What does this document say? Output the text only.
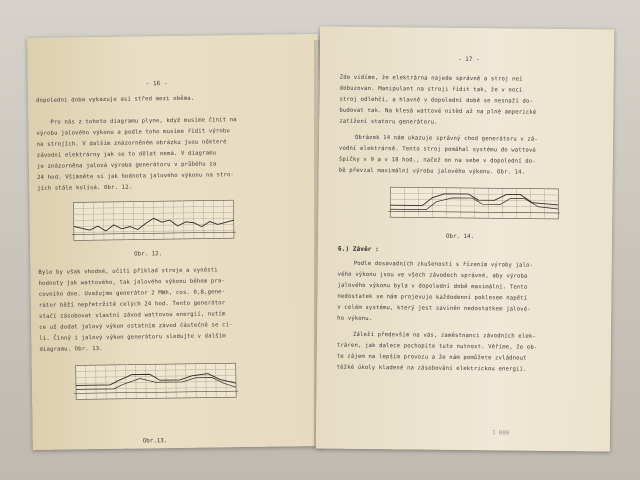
- 16 -
dopoledni doba vykazuje asi střed mezi oběma.
Pro nás z tohoto diagramu plyne, když musíme činit na
výrobu jalového výkonu a podle toho musíme řídit výrobu
na strojích. V dalším znázorněném obrázku jsou některé
závodní elektrárny jak se to dělat nemá. V diagramu
je znázorněna jalová výroba generátoru v průběhu za
24 hod. Všimněte si jak hodnota jalového výkonu na stro-
jích stále kolísá. Obr. 12.
Obr. 12.
Bylo by však vhodné, učiti příklad stroje a vynésti
hodnoty jak wattového, tak jalového výkonu během pra-
covního dne. Uvažujme generátor 2 MWh, cos. 0,8,gene-
rátor běží nepřetržitě celých 24 hod. Tento generátor
stačí zásobovat vlastní závod wattovou energií, nutím
ce už dodat jalový výkon ostatním závod částečně se cí-
lí. Činný i jalový výkon generátoru sledujte v dalším
diagramu. Obr. 13.
Obr.13.
- 17 -
Zde vidíme, že elektrárna najede správně a stroj neí
dobuzovan. Manipulant na stroji řídit tak, že v noci
stroj odlehčí, a hlavně v dopolední době se nesnaží do-
budovat tak. Na klesá wattové nitěd až na plné amperické
zatížení statoru generátoru.
Obrázek 14 nám ukazuje správný chod generátoru v zá-
vodní elektrárně. Tento stroj pomáhal systému do wattové
špičky v 9 a v 18 hod., načež on na sebe v dopolední do-
bě převzal maximální výrobu jalového výkonu. Obr. 14.
Obr. 14.
6.) Závěr :
Podle dosavadních zkušeností s řízením výroby jalo-
vého výkonu jsou ve všech závodech správné, aby výroba
jalového výkonu byla v dopolední době maximální. Tento
nedostatek se nám projevuje každodenní poklesem napětí
v celém systému, který jest zaviněn nedostatkem jalové-
ho výkonu.
Záleží především na vás, zaměstnanci závodních elek-
tráren, jak dalece pochopíte tuto nutnost. Věříme, že ob-
te zájem na lepším provozu a že nám pomůžete zvládnout
těžké úkoly kladené na zásobování elektrickou energií.
1 000
